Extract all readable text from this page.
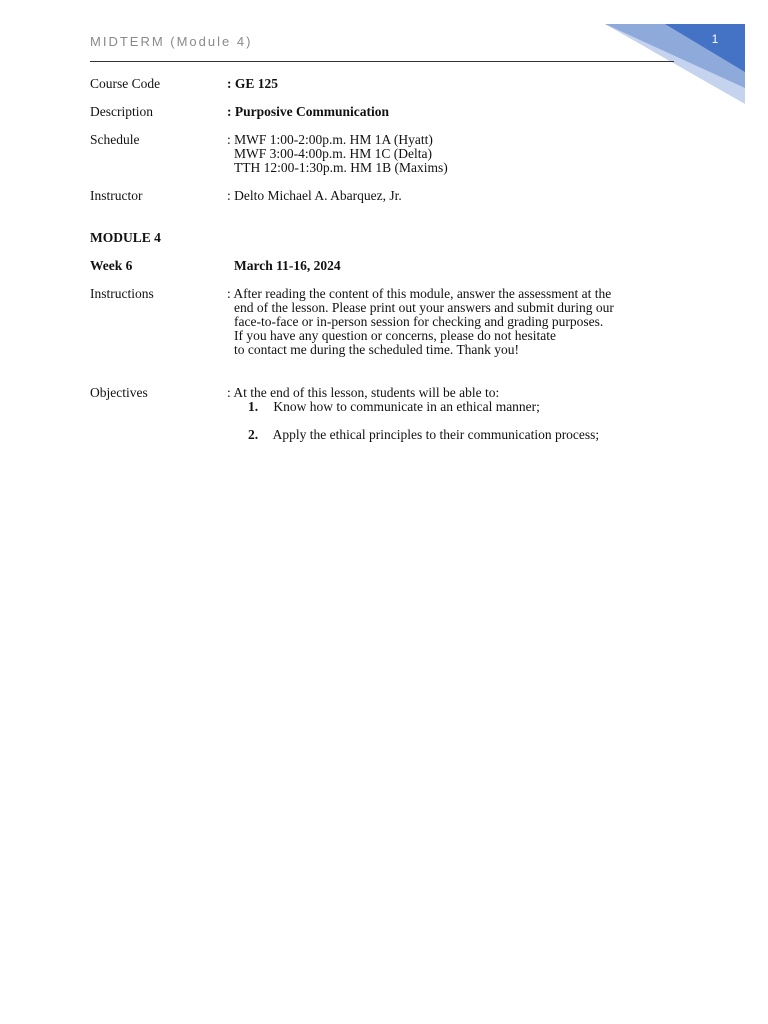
1
MIDTERM (Module 4)
Course Code	: GE 125
Description	: Purposive Communication
Schedule	: MWF 1:00-2:00p.m. HM 1A (Hyatt)
MWF 3:00-4:00p.m. HM 1C (Delta)
TTH 12:00-1:30p.m. HM 1B (Maxims)
Instructor	: Delto Michael A. Abarquez, Jr.
MODULE 4
Week 6	March 11-16, 2024
Instructions	: After reading the content of this module, answer the assessment at the
end of the lesson. Please print out your answers and submit during our
face-to-face or in-person session for checking and grading purposes.
If you have any question or concerns, please do not hesitate
to contact me during the scheduled time. Thank you!
Objectives	: At the end of this lesson, students will be able to:
1. Know how to communicate in an ethical manner;
2. Apply the ethical principles to their communication process;
